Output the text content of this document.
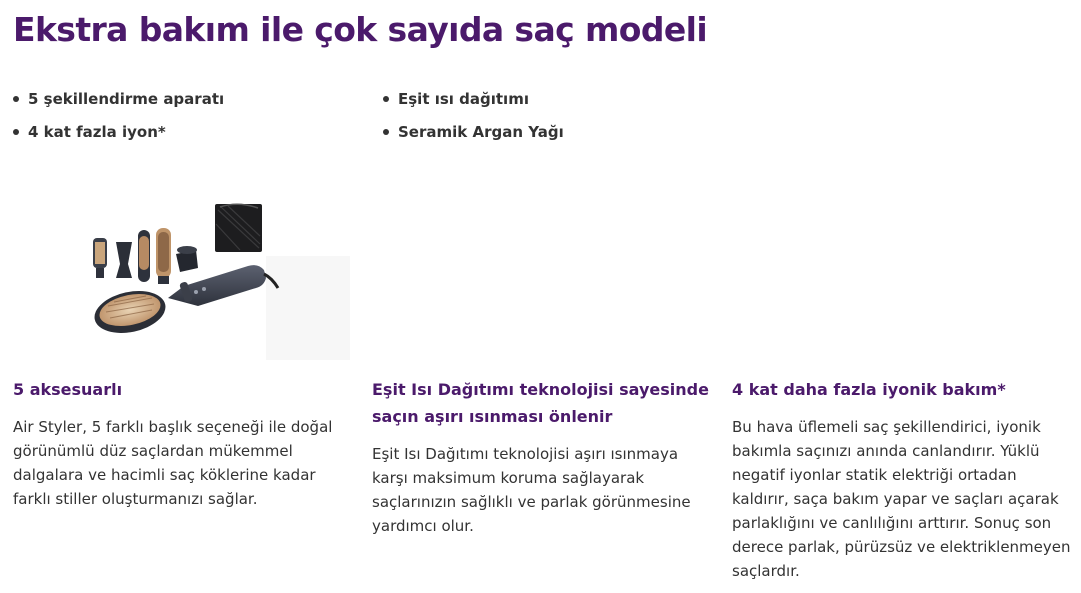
Ekstra bakım ile çok sayıda saç modeli
5 şekillendirme aparatı
4 kat fazla iyon*
Eşit ısı dağıtımı
Seramik Argan Yağı
5 aksesuarlı

Air Styler, 5 farklı başlık seçeneği ile doğal görünümlü düz saçlardan mükemmel dalgalara ve hacimli saç köklerine kadar farklı stiller oluşturmanızı sağlar.

Eşit Isı Dağıtımı teknolojisi sayesinde saçın aşırı ısınması önlenir

Eşit Isı Dağıtımı teknolojisi aşırı ısınmaya karşı maksimum koruma sağlayarak saçlarınızın sağlıklı ve parlak görünmesine yardımcı olur.

4 kat daha fazla iyonik bakım*

Bu hava üflemeli saç şekillendirici, iyonik bakımla saçınızı anında canlandırır. Yüklü negatif iyonlar statik elektriği ortadan kaldırır, saça bakım yapar ve saçları açarak parlaklığını ve canlılığını arttırır. Sonuç son derece parlak, pürüzsüz ve elektriklenmeyen saçlardır.
